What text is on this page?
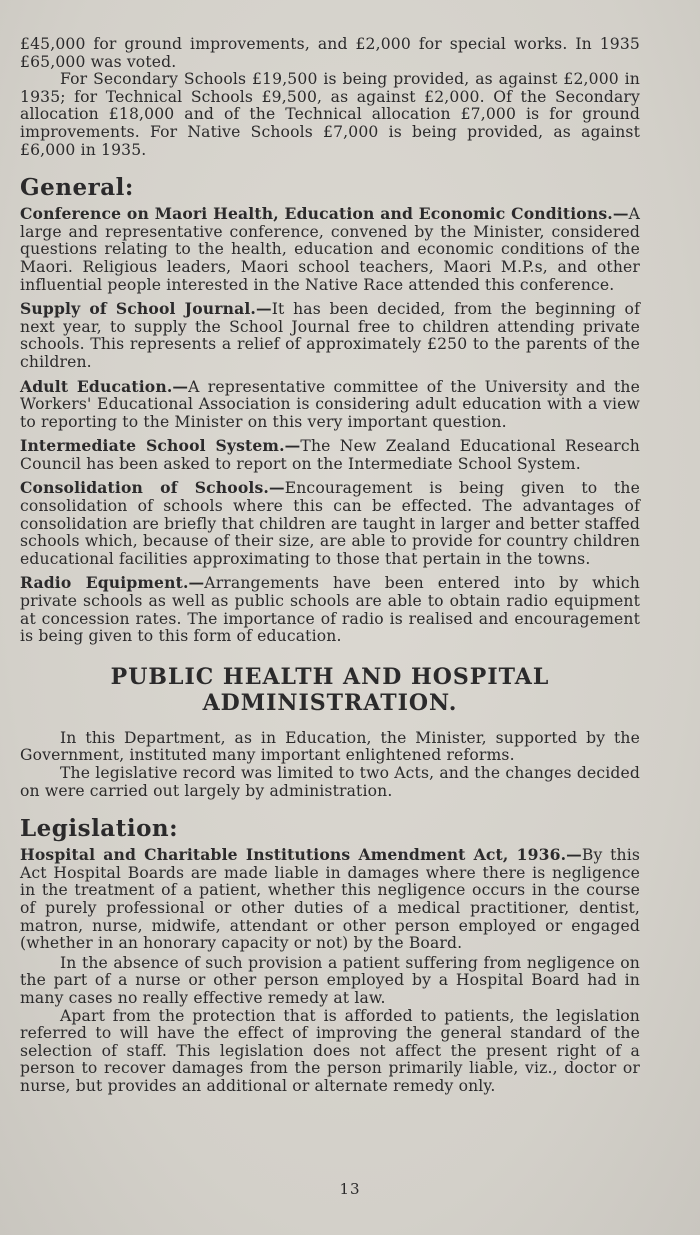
£45,000 for ground improvements, and £2,000 for special works. In 1935 £65,000 was voted.

For Secondary Schools £19,500 is being provided, as against £2,000 in 1935; for Technical Schools £9,500, as against £2,000. Of the Secondary allocation £18,000 and of the Technical allocation £7,000 is for ground improvements. For Native Schools £7,000 is being provided, as against £6,000 in 1935.

General:

Conference on Maori Health, Education and Economic Conditions.—A large and representative conference, convened by the Minister, considered questions relating to the health, education and economic conditions of the Maori. Religious leaders, Maori school teachers, Maori M.P.s, and other influential people interested in the Native Race attended this conference.

Supply of School Journal.—It has been decided, from the beginning of next year, to supply the School Journal free to children attending private schools. This represents a relief of approximately £250 to the parents of the children.

Adult Education.—A representative committee of the University and the Workers' Educational Association is considering adult education with a view to reporting to the Minister on this very important question.

Intermediate School System.—The New Zealand Educational Research Council has been asked to report on the Intermediate School System.

Consolidation of Schools.—Encouragement is being given to the consolidation of schools where this can be effected. The advantages of consolidation are briefly that children are taught in larger and better staffed schools which, because of their size, are able to provide for country children educational facilities approximating to those that pertain in the towns.

Radio Equipment.—Arrangements have been entered into by which private schools as well as public schools are able to obtain radio equipment at concession rates. The importance of radio is realised and encouragement is being given to this form of education.

PUBLIC HEALTH AND HOSPITAL
ADMINISTRATION.

In this Department, as in Education, the Minister, supported by the Government, instituted many important enlightened reforms.

The legislative record was limited to two Acts, and the changes decided on were carried out largely by administration.

Legislation:

Hospital and Charitable Institutions Amendment Act, 1936.—By this Act Hospital Boards are made liable in damages where there is negligence in the treatment of a patient, whether this negligence occurs in the course of purely professional or other duties of a medical practitioner, dentist, matron, nurse, midwife, attendant or other person employed or engaged (whether in an honorary capacity or not) by the Board.

In the absence of such provision a patient suffering from negligence on the part of a nurse or other person employed by a Hospital Board had in many cases no really effective remedy at law.

Apart from the protection that is afforded to patients, the legislation referred to will have the effect of improving the general standard of the selection of staff. This legislation does not affect the present right of a person to recover damages from the person primarily liable, viz., doctor or nurse, but provides an additional or alternate remedy only.

13
